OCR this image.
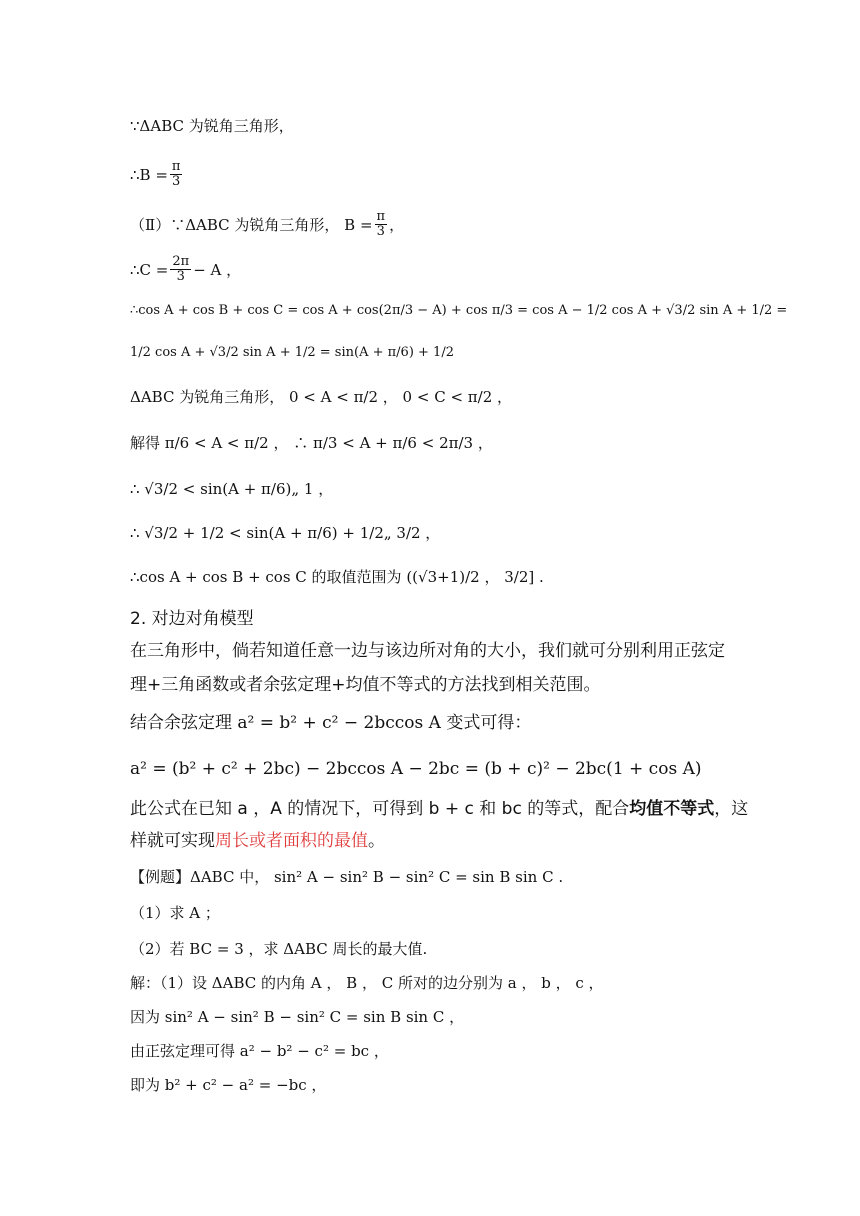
∵ΔABC 为锐角三角形，
∴B = $\frac{\pi}{3}$
（Ⅱ）∵ΔABC 为锐角三角形， $B = \frac{\pi}{3}$ ，
∴C = $\frac{2\pi}{3} - A$ ，
∴cos A + cos B + cos C = cos A + cos(2π/3 − A) + cos π/3 = cos A − 1/2 cos A + √3/2 sin A + 1/2 =
1/2 cos A + √3/2 sin A + 1/2 = sin(A + π/6) + 1/2
ΔABC 为锐角三角形， 0 < A < π/2 ， 0 < C < π/2 ，
解得 π/6 < A < π/2 ， ∴ π/3 < A + π/6 < 2π/3 ，
∴ √3/2 < sin(A + π/6)„ 1 ，
∴ √3/2 + 1/2 < sin(A + π/6) + 1/2„ 3/2 ，
∴cos A + cos B + cos C 的取值范围为 ((√3+1)/2 ， 3/2] .
2. 对边对角模型
在三角形中，倘若知道任意一边与该边所对角的大小，我们就可分别利用正弦定
理+三角函数或者余弦定理+均值不等式的方法找到相关范围。
结合余弦定理 a² = b² + c² − 2bccos A 变式可得：
a² = (b² + c² + 2bc) − 2bccos A − 2bc = (b + c)² − 2bc(1 + cos A)
此公式在已知 a ，A 的情况下，可得到 b + c 和 bc 的等式，配合 均值不等式 ，这
样就可实现 周长或者面积的最值 。
【例题】ΔABC 中， sin² A − sin² B − sin² C = sin B sin C .
（1）求 A ；
（2）若 BC = 3 ，求 ΔABC 周长的最大值.
解：（1）设 ΔABC 的内角 A ， B ， C 所对的边分别为 a ， b ， c ，
因为 sin² A − sin² B − sin² C = sin B sin C ，
由正弦定理可得 a² − b² − c² = bc ，
即为 b² + c² − a² = −bc ，
